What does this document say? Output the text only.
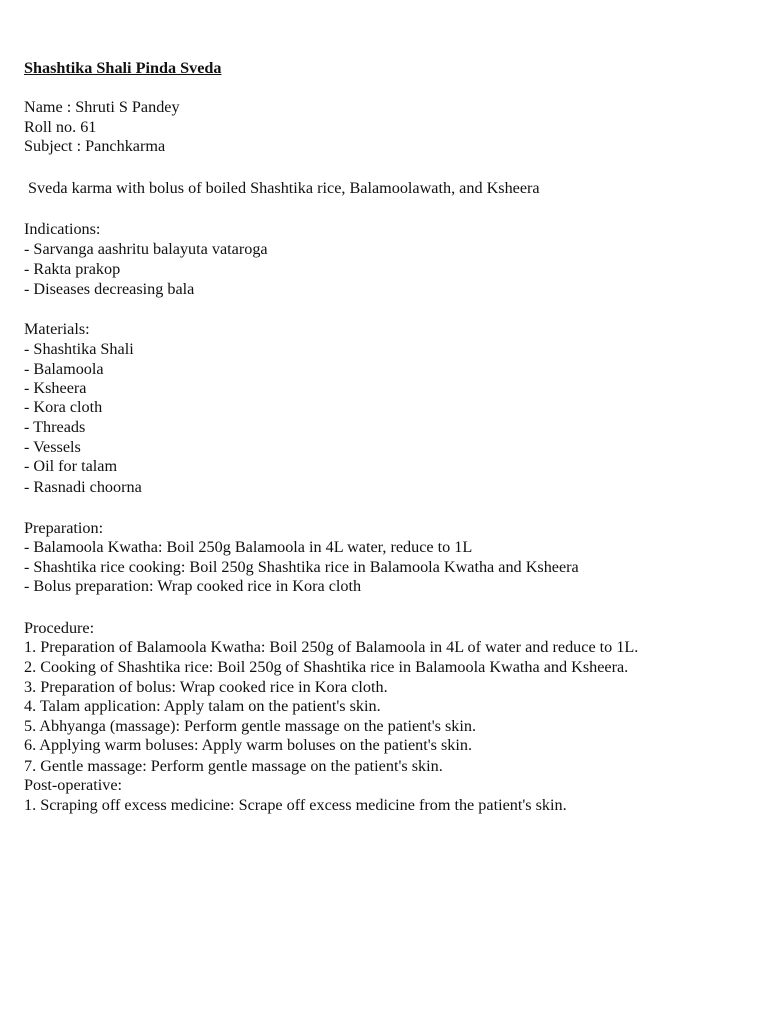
Shashtika Shali Pinda Sveda
Name : Shruti S Pandey
Roll no. 61
Subject : Panchkarma
Sveda karma with bolus of boiled Shashtika rice, Balamoolawath, and Ksheera
Indications:
- Sarvanga aashritu balayuta vataroga
- Rakta prakop
- Diseases decreasing bala
Materials:
- Shashtika Shali
- Balamoola
- Ksheera
- Kora cloth
- Threads
- Vessels
- Oil for talam
- Rasnadi choorna
Preparation:
- Balamoola Kwatha: Boil 250g Balamoola in 4L water, reduce to 1L
- Shashtika rice cooking: Boil 250g Shashtika rice in Balamoola Kwatha and Ksheera
- Bolus preparation: Wrap cooked rice in Kora cloth
Procedure:
1. Preparation of Balamoola Kwatha: Boil 250g of Balamoola in 4L of water and reduce to 1L.
2. Cooking of Shashtika rice: Boil 250g of Shashtika rice in Balamoola Kwatha and Ksheera.
3. Preparation of bolus: Wrap cooked rice in Kora cloth.
4. Talam application: Apply talam on the patient's skin.
5. Abhyanga (massage): Perform gentle massage on the patient's skin.
6. Applying warm boluses: Apply warm boluses on the patient's skin.
7. Gentle massage: Perform gentle massage on the patient's skin.
Post-operative:
1. Scraping off excess medicine: Scrape off excess medicine from the patient's skin.
